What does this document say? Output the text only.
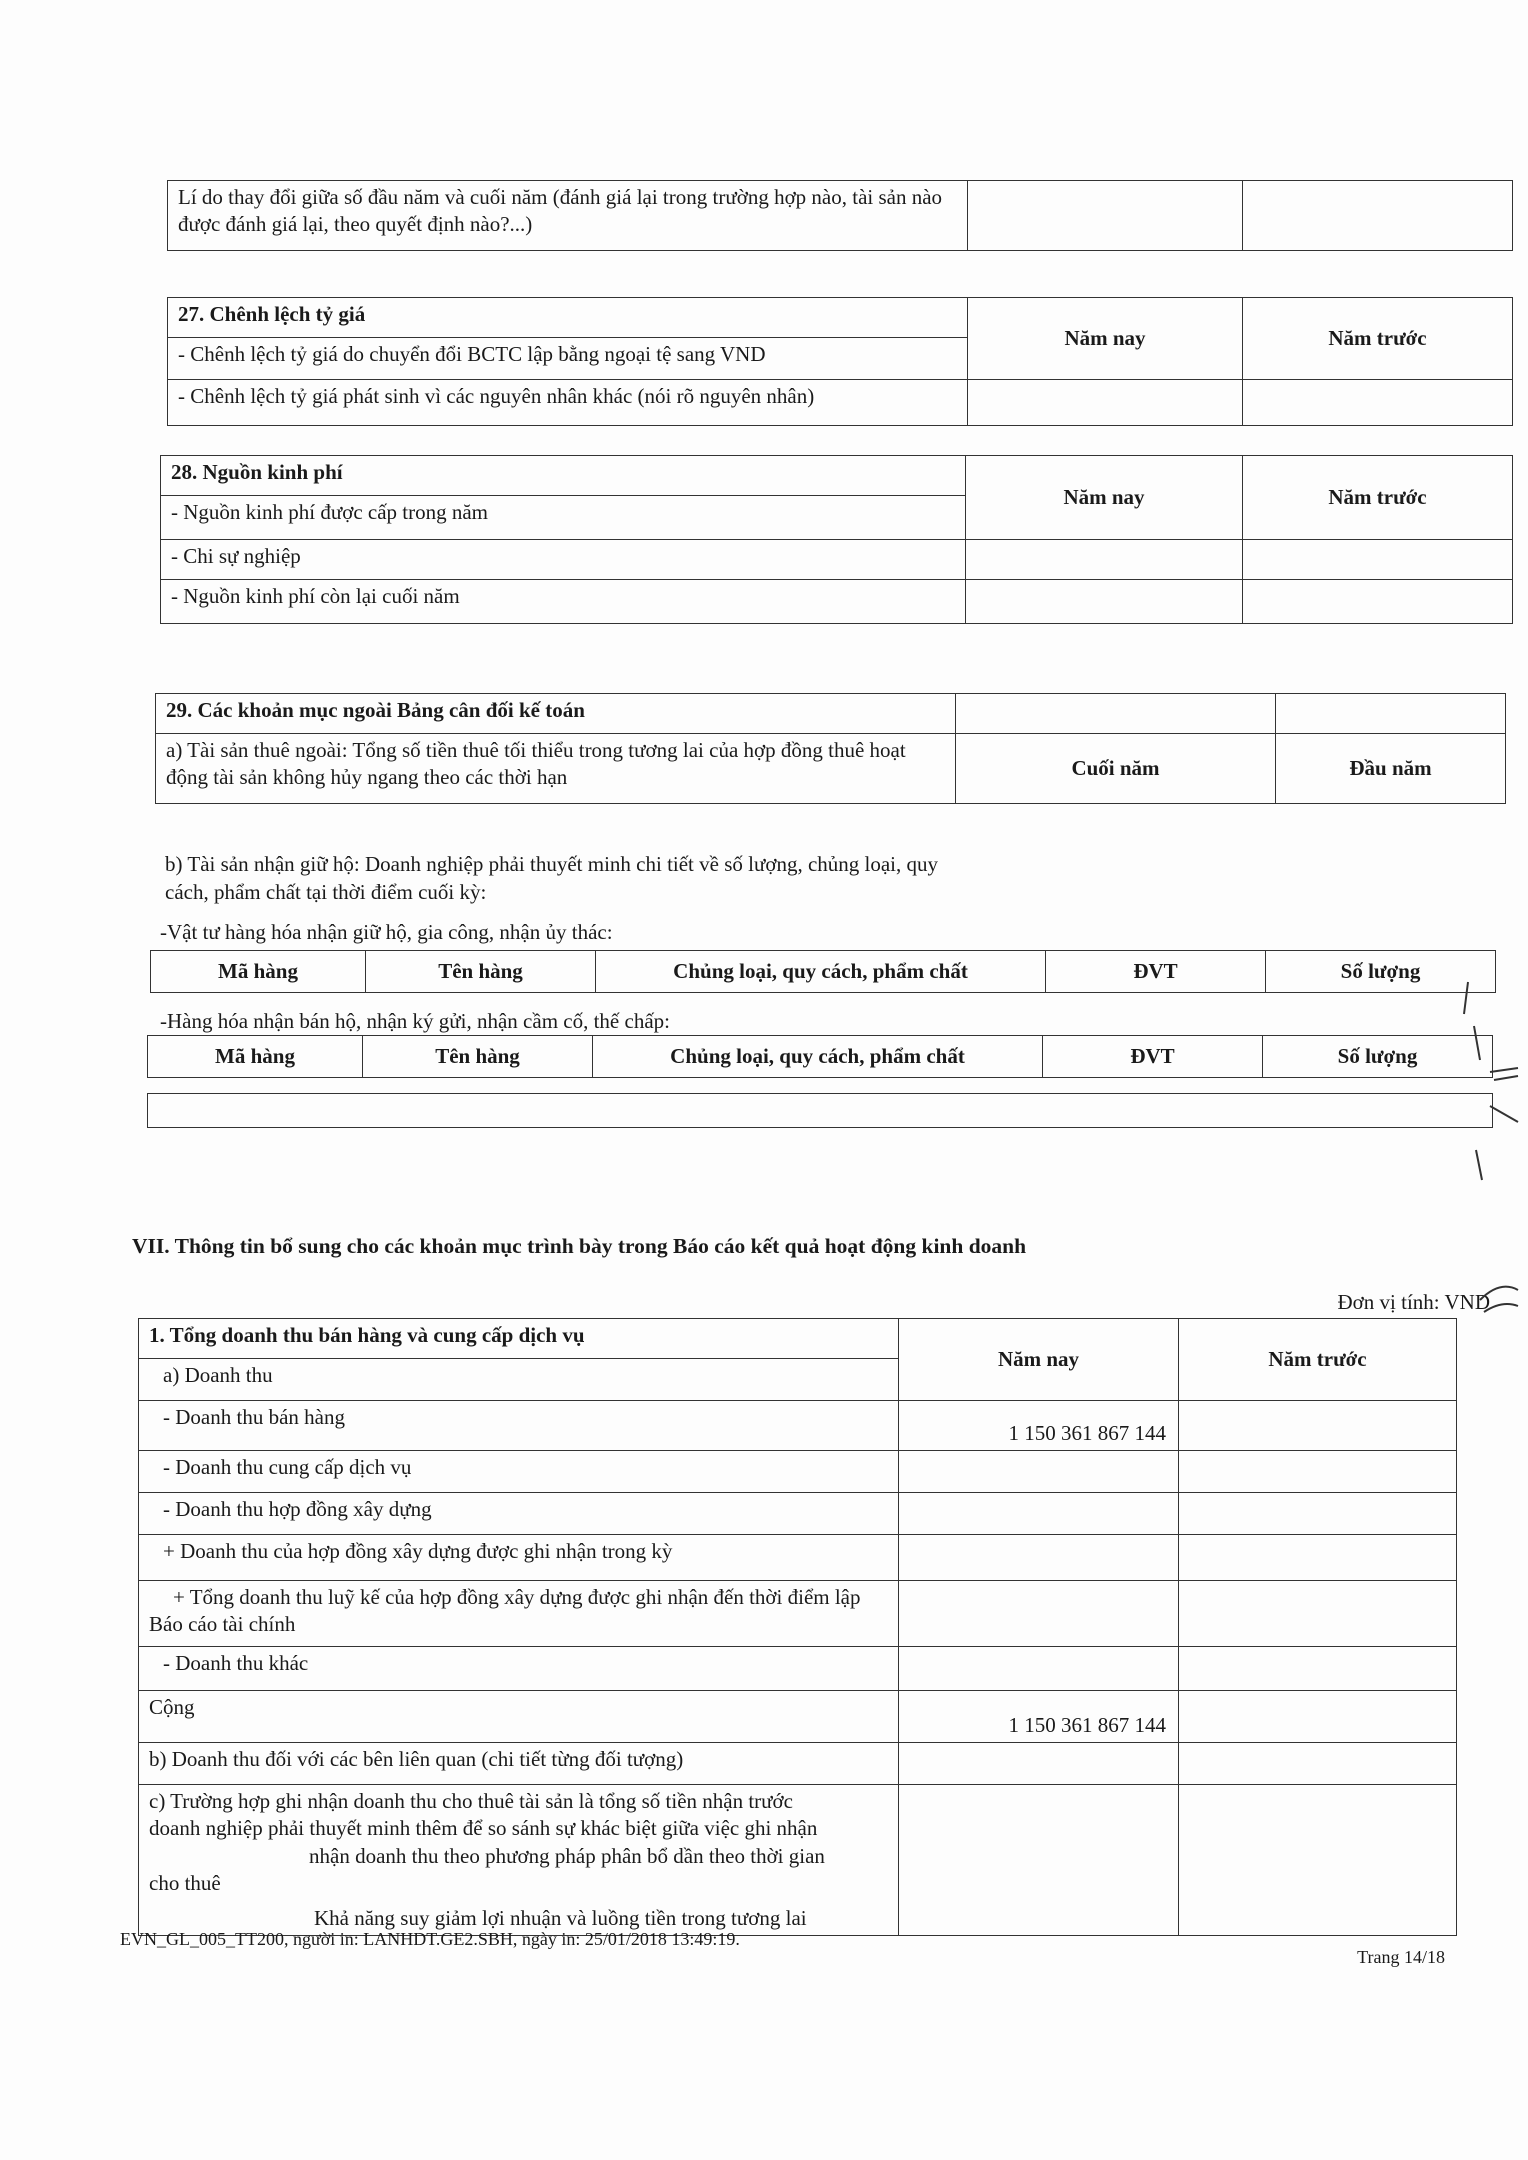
Lí do thay đổi giữa số đầu năm và cuối năm (đánh giá lại trong trường hợp nào, tài sản nào được đánh giá lại, theo quyết định nào?...)		
27. Chênh lệch tỷ giá	Năm nay	Năm trước
- Chênh lệch tỷ giá do chuyển đổi BCTC lập bằng ngoại tệ sang VND		
- Chênh lệch tỷ giá phát sinh vì các nguyên nhân khác (nói rõ nguyên nhân)		
28. Nguồn kinh phí	Năm nay	Năm trước
- Nguồn kinh phí được cấp trong năm		
- Chi sự nghiệp		
- Nguồn kinh phí còn lại cuối năm		
29. Các khoản mục ngoài Bảng cân đối kế toán		
a) Tài sản thuê ngoài: Tổng số tiền thuê tối thiểu trong tương lai của hợp đồng thuê hoạt động tài sản không hủy ngang theo các thời hạn	Cuối năm	Đầu năm
b) Tài sản nhận giữ hộ: Doanh nghiệp phải thuyết minh chi tiết về số lượng, chủng loại, quy cách, phẩm chất tại thời điểm cuối kỳ:
-Vật tư hàng hóa nhận giữ hộ, gia công, nhận ủy thác:
Mã hàng	Tên hàng	Chủng loại, quy cách, phẩm chất	ĐVT	Số lượng
-Hàng hóa nhận bán hộ, nhận ký gửi, nhận cầm cố, thế chấp:
Mã hàng	Tên hàng	Chủng loại, quy cách, phẩm chất	ĐVT	Số lượng

VII. Thông tin bổ sung cho các khoản mục trình bày trong Báo cáo kết quả hoạt động kinh doanh
Đơn vị tính: VND
1. Tổng doanh thu bán hàng và cung cấp dịch vụ	Năm nay	Năm trước
a) Doanh thu		
- Doanh thu bán hàng	1 150 361 867 144	
- Doanh thu cung cấp dịch vụ		
- Doanh thu hợp đồng xây dựng		
+ Doanh thu của hợp đồng xây dựng được ghi nhận trong kỳ		
+ Tổng doanh thu luỹ kế của hợp đồng xây dựng được ghi nhận đến thời điểm lập Báo cáo tài chính		
- Doanh thu khác		
Cộng	1 150 361 867 144	
b) Doanh thu đối với các bên liên quan (chi tiết từng đối tượng)		

c) Trường hợp ghi nhận doanh thu cho thuê tài sản là tổng số tiền nhận trước
doanh nghiệp phải thuyết minh thêm để so sánh sự khác biệt giữa việc ghi nhận
nhận doanh thu theo phương pháp phân bổ dần theo thời gian
cho thuê
Khả năng suy giảm lợi nhuận và luồng tiền trong tương lai		

EVN_GL_005_TT200, người in: LANHDT.GE2.SBH, ngày in: 25/01/2018 13:49:19.
Trang 14/18
